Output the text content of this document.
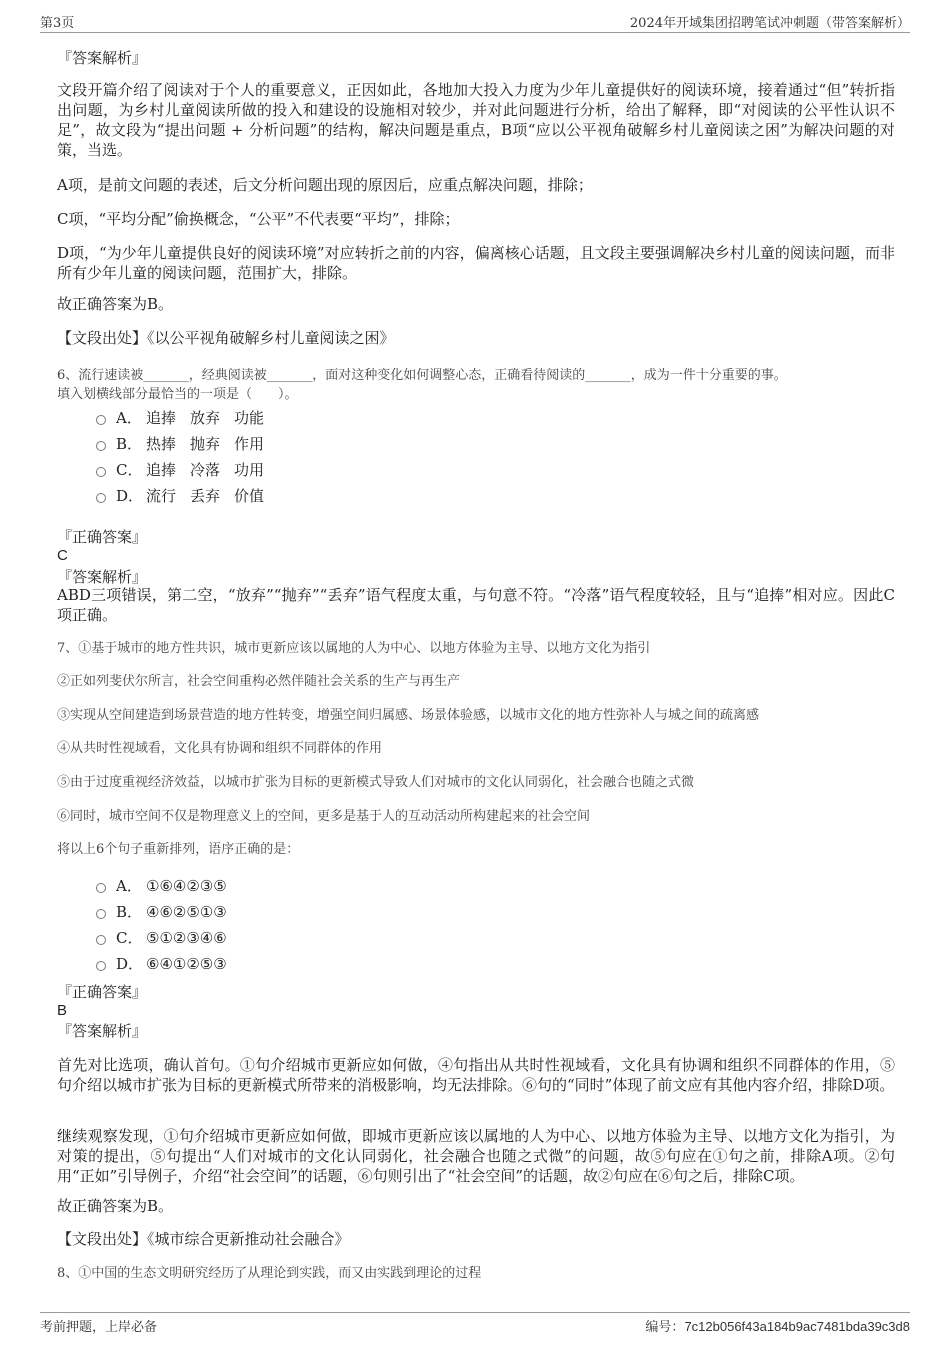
第3页	2024年开域集团招聘笔试冲刺题（带答案解析）
『答案解析』
文段开篇介绍了阅读对于个人的重要意义，正因如此，各地加大投入力度为少年儿童提供好的阅读环境，接着通过“但”转折指出问题，为乡村儿童阅读所做的投入和建设的设施相对较少，并对此问题进行分析，给出了解释，即“对阅读的公平性认识不足”，故文段为“提出问题 + 分析问题”的结构，解决问题是重点，B项“应以公平视角破解乡村儿童阅读之困”为解决问题的对策，当选。
A项，是前文问题的表述，后文分析问题出现的原因后，应重点解决问题，排除；
C项，“平均分配”偷换概念，“公平”不代表要“平均”，排除；
D项，“为少年儿童提供良好的阅读环境”对应转折之前的内容，偏离核心话题，且文段主要强调解决乡村儿童的阅读问题，而非所有少年儿童的阅读问题，范围扩大，排除。
故正确答案为B。
【文段出处】《以公平视角破解乡村儿童阅读之困》
6、流行速读被_______，经典阅读被_______，面对这种变化如何调整心态，正确看待阅读的_______，成为一件十分重要的事。
填入划横线部分最恰当的一项是（　　）。
A． 追捧 放弃 功能
B． 热捧 抛弃 作用
C． 追捧 冷落 功用
D． 流行 丢弃 价值
『正确答案』
C
『答案解析』
ABD三项错误，第二空，“放弃”“抛弃”“丢弃”语气程度太重，与句意不符。“冷落”语气程度较轻，且与“追捧”相对应。因此C项正确。
7、①基于城市的地方性共识，城市更新应该以属地的人为中心、以地方体验为主导、以地方文化为指引
②正如列斐伏尔所言，社会空间重构必然伴随社会关系的生产与再生产
③实现从空间建造到场景营造的地方性转变，增强空间归属感、场景体验感，以城市文化的地方性弥补人与城之间的疏离感
④从共时性视域看，文化具有协调和组织不同群体的作用
⑤由于过度重视经济效益，以城市扩张为目标的更新模式导致人们对城市的文化认同弱化，社会融合也随之式微
⑥同时，城市空间不仅是物理意义上的空间，更多是基于人的互动活动所构建起来的社会空间
将以上6个句子重新排列，语序正确的是：
A． ①⑥④②③⑤
B． ④⑥②⑤①③
C． ⑤①②③④⑥
D． ⑥④①②⑤③
『正确答案』
B
『答案解析』
首先对比选项，确认首句。①句介绍城市更新应如何做，④句指出从共时性视域看，文化具有协调和组织不同群体的作用，⑤句介绍以城市扩张为目标的更新模式所带来的消极影响，均无法排除。⑥句的“同时”体现了前文应有其他内容介绍，排除D项。
继续观察发现，①句介绍城市更新应如何做，即城市更新应该以属地的人为中心、以地方体验为主导、以地方文化为指引，为对策的提出，⑤句提出“人们对城市的文化认同弱化，社会融合也随之式微”的问题，故⑤句应在①句之前，排除A项。②句用“正如”引导例子，介绍“社会空间”的话题，⑥句则引出了“社会空间”的话题，故②句应在⑥句之后，排除C项。
故正确答案为B。
【文段出处】《城市综合更新推动社会融合》
8、①中国的生态文明研究经历了从理论到实践，而又由实践到理论的过程
考前押题，上岸必备	编号：7c12b056f43a184b9ac7481bda39c3d8
